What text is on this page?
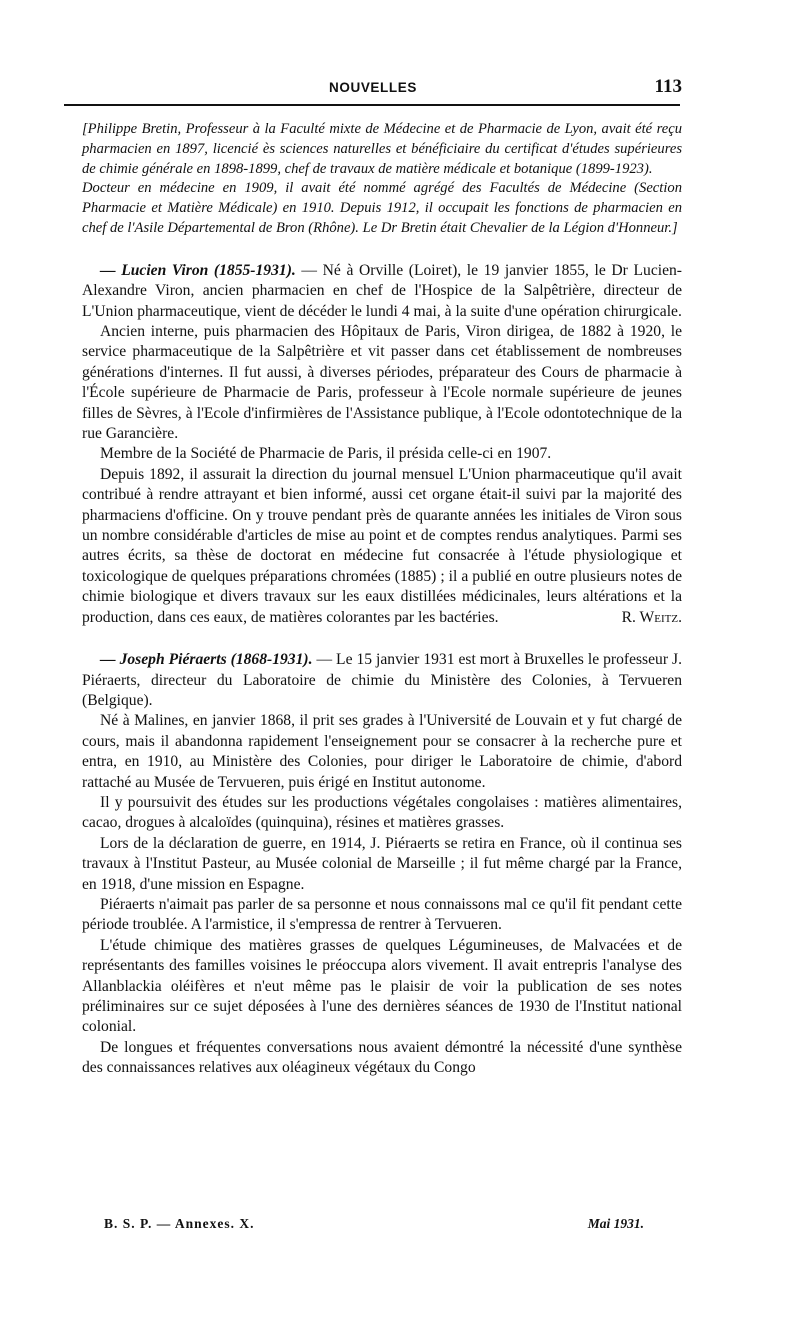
NOUVELLES	113

[Philippe Bretin, Professeur à la Faculté mixte de Médecine et de Pharmacie de Lyon, avait été reçu pharmacien en 1897, licencié ès sciences naturelles et bénéficiaire du certificat d'études supérieures de chimie générale en 1898-1899, chef de travaux de matière médicale et botanique (1899-1923).

Docteur en médecine en 1909, il avait été nommé agrégé des Facultés de Médecine (Section Pharmacie et Matière Médicale) en 1910. Depuis 1912, il occupait les fonctions de pharmacien en chef de l'Asile Départemental de Bron (Rhône). Le Dr Bretin était Chevalier de la Légion d'Honneur.]

— Lucien Viron (1855-1931). — Né à Orville (Loiret), le 19 janvier 1855, le Dr Lucien-Alexandre Viron, ancien pharmacien en chef de l'Hospice de la Salpêtrière, directeur de L'Union pharmaceutique, vient de décéder le lundi 4 mai, à la suite d'une opération chirurgicale.

Ancien interne, puis pharmacien des Hôpitaux de Paris, Viron dirigea, de 1882 à 1920, le service pharmaceutique de la Salpêtrière et vit passer dans cet établissement de nombreuses générations d'internes. Il fut aussi, à diverses périodes, préparateur des Cours de pharmacie à l'École supérieure de Pharmacie de Paris, professeur à l'Ecole normale supérieure de jeunes filles de Sèvres, à l'Ecole d'infirmières de l'Assistance publique, à l'Ecole odontotechnique de la rue Garancière.

Membre de la Société de Pharmacie de Paris, il présida celle-ci en 1907.

Depuis 1892, il assurait la direction du journal mensuel L'Union pharmaceutique qu'il avait contribué à rendre attrayant et bien informé, aussi cet organe était-il suivi par la majorité des pharmaciens d'officine. On y trouve pendant près de quarante années les initiales de Viron sous un nombre considérable d'articles de mise au point et de comptes rendus analytiques. Parmi ses autres écrits, sa thèse de doctorat en médecine fut consacrée à l'étude physiologique et toxicologique de quelques préparations chromées (1885) ; il a publié en outre plusieurs notes de chimie biologique et divers travaux sur les eaux distillées médicinales, leurs altérations et la production, dans ces eaux, de matières colorantes par les bactéries.	R. Weitz.

— Joseph Piéraerts (1868-1931). — Le 15 janvier 1931 est mort à Bruxelles le professeur J. Piéraerts, directeur du Laboratoire de chimie du Ministère des Colonies, à Tervueren (Belgique).

Né à Malines, en janvier 1868, il prit ses grades à l'Université de Louvain et y fut chargé de cours, mais il abandonna rapidement l'enseignement pour se consacrer à la recherche pure et entra, en 1910, au Ministère des Colonies, pour diriger le Laboratoire de chimie, d'abord rattaché au Musée de Tervueren, puis érigé en Institut autonome.

Il y poursuivit des études sur les productions végétales congolaises : matières alimentaires, cacao, drogues à alcaloïdes (quinquina), résines et matières grasses.

Lors de la déclaration de guerre, en 1914, J. Piéraerts se retira en France, où il continua ses travaux à l'Institut Pasteur, au Musée colonial de Marseille ; il fut même chargé par la France, en 1918, d'une mission en Espagne.

Piéraerts n'aimait pas parler de sa personne et nous connaissons mal ce qu'il fit pendant cette période troublée. A l'armistice, il s'empressa de rentrer à Tervueren.

L'étude chimique des matières grasses de quelques Légumineuses, de Malvacées et de représentants des familles voisines le préoccupa alors vivement. Il avait entrepris l'analyse des Allanblackia oléifères et n'eut même pas le plaisir de voir la publication de ses notes préliminaires sur ce sujet déposées à l'une des dernières séances de 1930 de l'Institut national colonial.

De longues et fréquentes conversations nous avaient démontré la nécessité d'une synthèse des connaissances relatives aux oléagineux végétaux du Congo

B. S. P. — Annexes. X.	Mai 1931.
